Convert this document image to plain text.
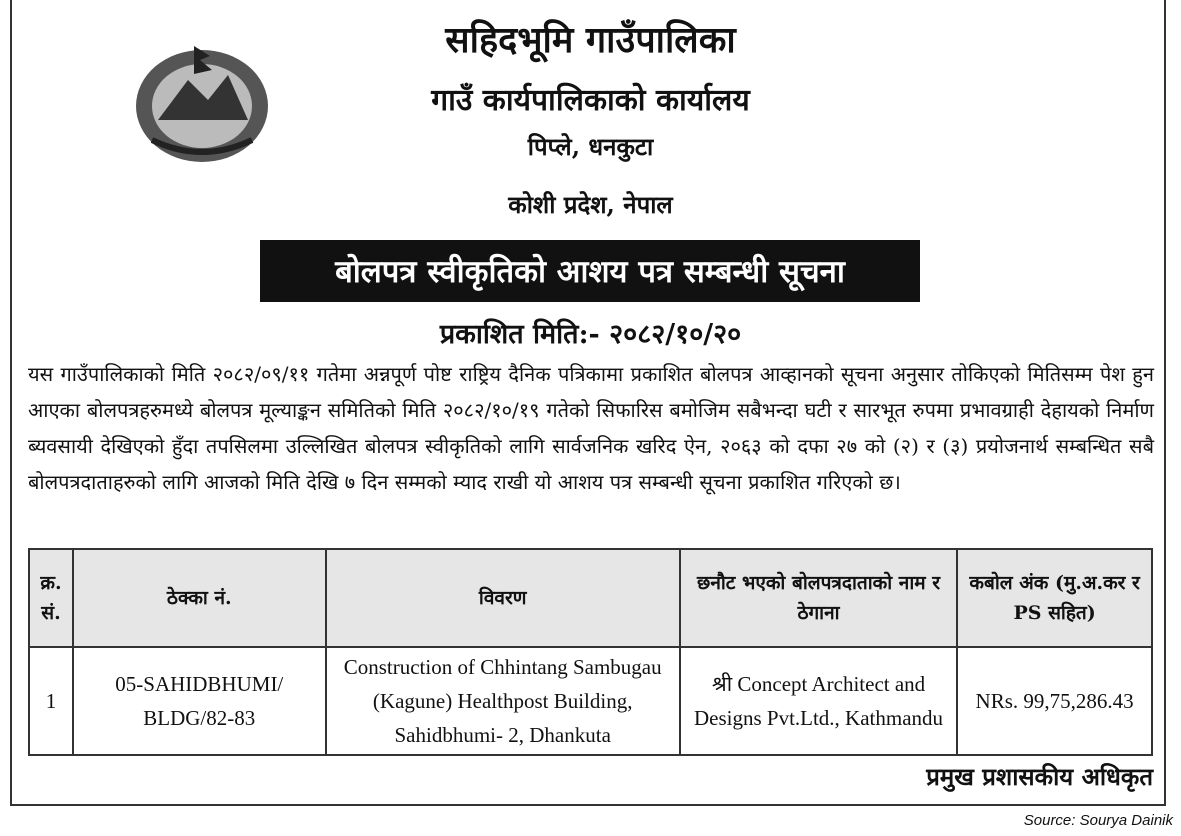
सहिदभूमि गाउँपालिका
गाउँ कार्यपालिकाको कार्यालय
पिप्ले, धनकुटा
कोशी प्रदेश, नेपाल
बोलपत्र स्वीकृतिको आशय पत्र सम्बन्धी सूचना
प्रकाशित मिति:- २०८२/१०/२०
यस गाउँपालिकाको मिति २०८२/०९/११ गतेमा अन्नपूर्ण पोष्ट राष्ट्रिय दैनिक पत्रिकामा प्रकाशित बोलपत्र आव्हानको सूचना अनुसार तोकिएको मितिसम्म पेश हुन आएका बोलपत्रहरुमध्ये बोलपत्र मूल्याङ्कन समितिको मिति २०८२/१०/१९ गतेको सिफारिस बमोजिम सबैभन्दा घटी र सारभूत रुपमा प्रभावग्राही देहायको निर्माण ब्यवसायी देखिएको हुँदा तपसिलमा उल्लिखित बोलपत्र स्वीकृतिको लागि सार्वजनिक खरिद ऐन, २०६३ को दफा २७ को (२) र (३) प्रयोजनार्थ सम्बन्धित सबै बोलपत्रदाताहरुको लागि आजको मिति देखि ७ दिन सम्मको म्याद राखी यो आशय पत्र सम्बन्धी सूचना प्रकाशित गरिएको छ।
क्र. सं.	ठेक्का नं.	विवरण	छनौट भएको बोलपत्रदाताको नाम र ठेगाना	कबोल अंक (मु.अ.कर र PS सहित)
1	05-SAHIDBHUMI/ BLDG/82-83	Construction of Chhintang Sambugau (Kagune) Healthpost Building, Sahidbhumi- 2, Dhankuta	श्री Concept Architect and Designs Pvt.Ltd., Kathmandu	NRs. 99,75,286.43
प्रमुख प्रशासकीय अधिकृत
Source: Sourya Dainik
